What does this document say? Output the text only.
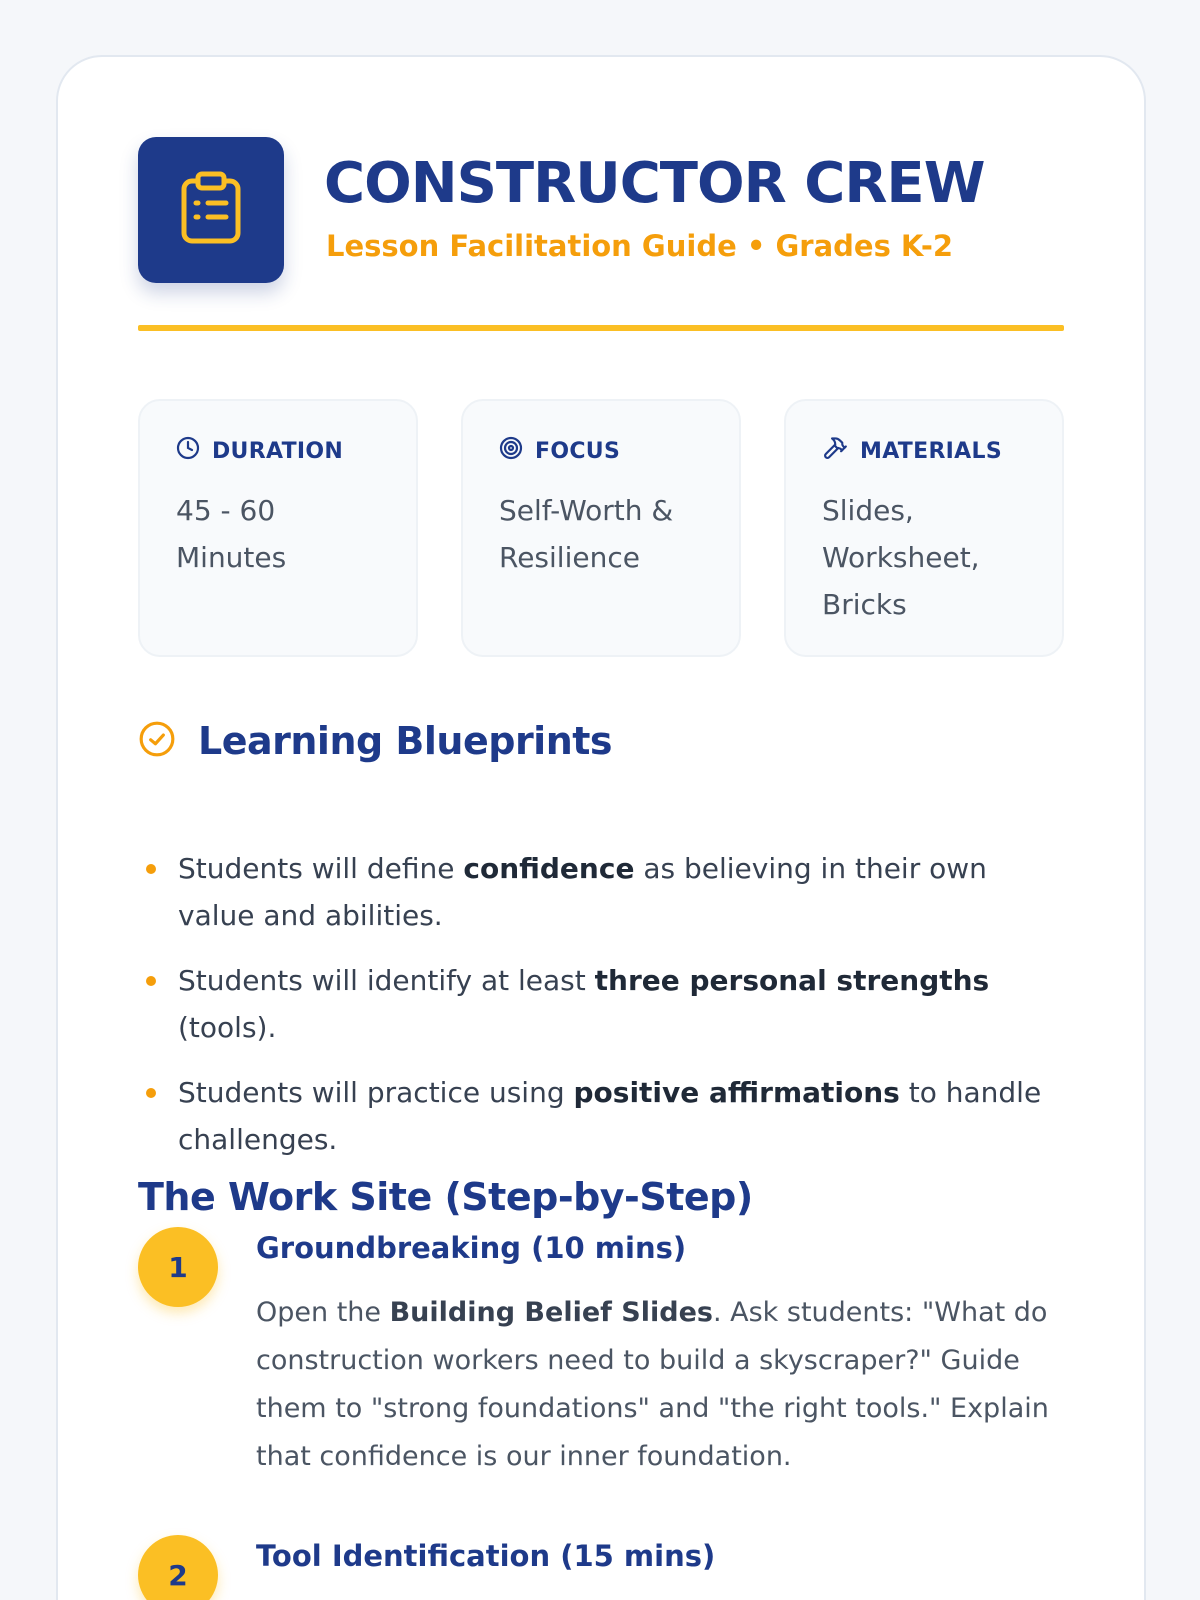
CONSTRUCTOR CREW
Lesson Facilitation Guide • Grades K-2
DURATION
45 - 60
Minutes
FOCUS
Self-Worth &
Resilience
MATERIALS
Slides,
Worksheet,
Bricks
Learning Blueprints
Students will define confidence as believing in their own value and abilities.
Students will identify at least three personal strengths (tools).
Students will practice using positive affirmations to handle challenges.
The Work Site (Step-by-Step)
1
Groundbreaking (10 mins)
Open the Building Belief Slides. Ask students: "What do construction workers need to build a skyscraper?" Guide them to "strong foundations" and "the right tools." Explain that confidence is our inner foundation.
2
Tool Identification (15 mins)
